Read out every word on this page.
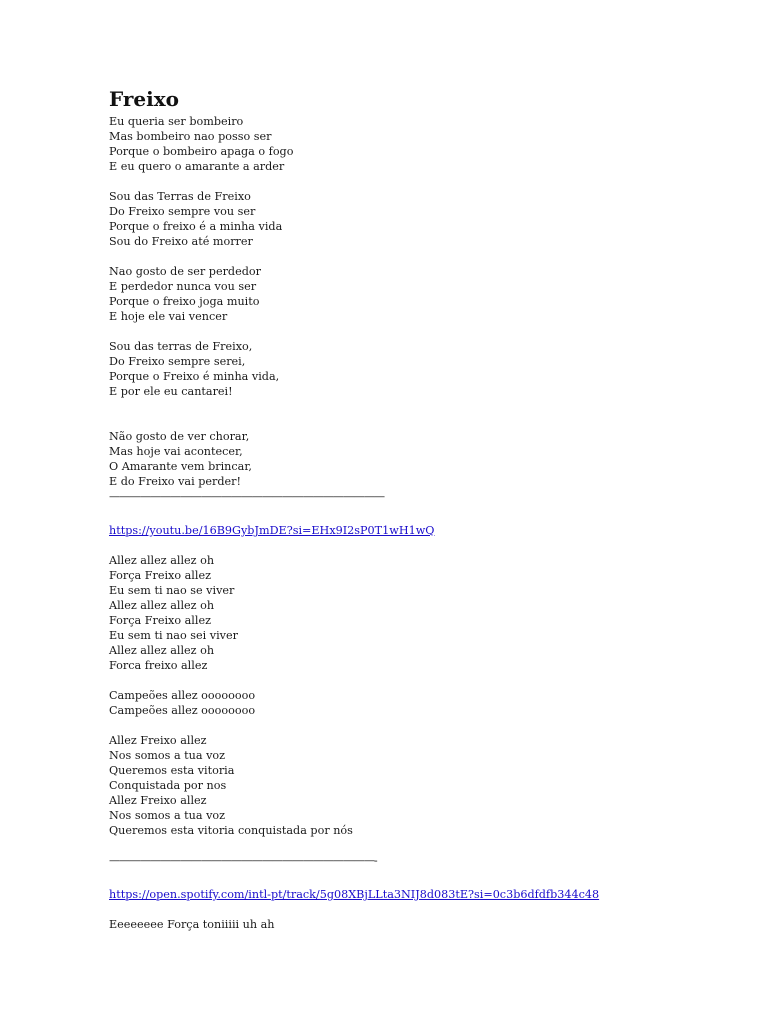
Freixo
Eu queria ser bombeiro
Mas bombeiro nao posso ser
Porque o bombeiro apaga o fogo
E eu quero o amarante a arder
Sou das Terras de Freixo
Do Freixo sempre vou ser
Porque o freixo é a minha vida
Sou do Freixo até morrer
Nao gosto de ser perdedor
E perdedor nunca vou ser
Porque o freixo joga muito
E hoje ele vai vencer
Sou das terras de Freixo,
Do Freixo sempre serei,
Porque o Freixo é minha vida,
E por ele eu cantarei!
Não gosto de ver chorar,
Mas hoje vai acontecer,
O Amarante vem brincar,
E do Freixo vai perder!
———————————————————————————
https://youtu.be/16B9GybJmDE?si=EHx9I2sP0T1wH1wQ
Allez allez allez oh
Força Freixo allez
Eu sem ti nao se viver
Allez allez allez oh
Força Freixo allez
Eu sem ti nao sei viver
Allez allez allez oh
Forca freixo allez
Campeões allez oooooooo
Campeões allez oooooooo
Allez Freixo allez
Nos somos a tua voz
Queremos esta vitoria
Conquistada por nos
Allez Freixo allez
Nos somos a tua voz
Queremos esta vitoria conquistada por nós
——————————————————————————-
https://open.spotify.com/intl-pt/track/5g08XBjLLta3NIJ8d083tE?si=0c3b6dfdfb344c48
Eeeeeeee Força toniiiii uh ah
